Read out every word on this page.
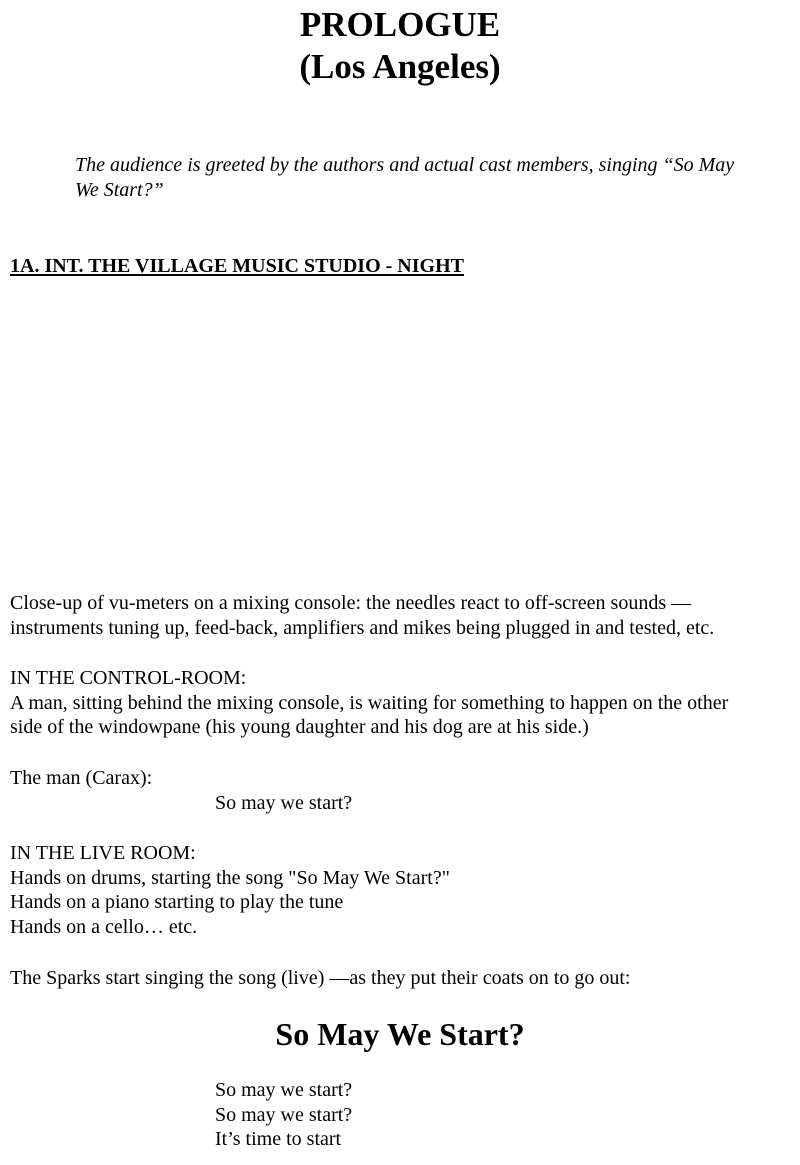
PROLOGUE
(Los Angeles)
The audience is greeted by the authors and actual cast members, singing “So May
We Start?”
1A. INT. THE VILLAGE MUSIC STUDIO - NIGHT
Close-up of vu-meters on a mixing console: the needles react to off-screen sounds —
instruments tuning up, feed-back, amplifiers and mikes being plugged in and tested, etc.
IN THE CONTROL-ROOM:
A man, sitting behind the mixing console, is waiting for something to happen on the other
side of the windowpane (his young daughter and his dog are at his side.)
The man (Carax):
So may we start?
IN THE LIVE ROOM:
Hands on drums, starting the song "So May We Start?"
Hands on a piano starting to play the tune
Hands on a cello… etc.
The Sparks start singing the song (live) —as they put their coats on to go out:
So May We Start?
So may we start?
So may we start?
It’s time to start
